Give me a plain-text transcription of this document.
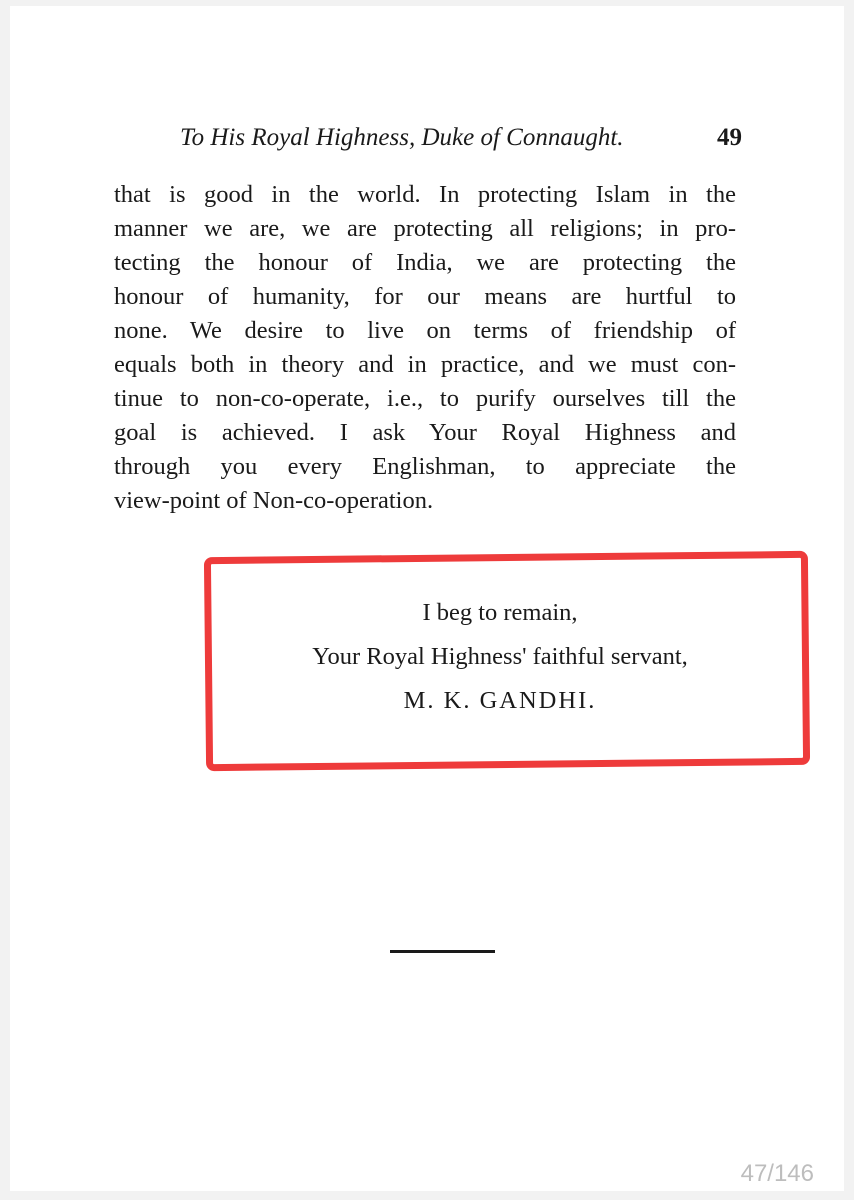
To His Royal Highness, Duke of Connaught.	49
that is good in the world. In protecting Islam in the
manner we are, we are protecting all religions; in pro-
tecting the honour of India, we are protecting the
honour of humanity, for our means are hurtful to
none. We desire to live on terms of friendship of
equals both in theory and in practice, and we must con-
tinue to non-co-operate, i.e., to purify ourselves till the
goal is achieved. I ask Your Royal Highness and
through you every Englishman, to appreciate the
view-point of Non-co-operation.
I beg to remain,
Your Royal Highness' faithful servant,
M. K. GANDHI.
47/146
